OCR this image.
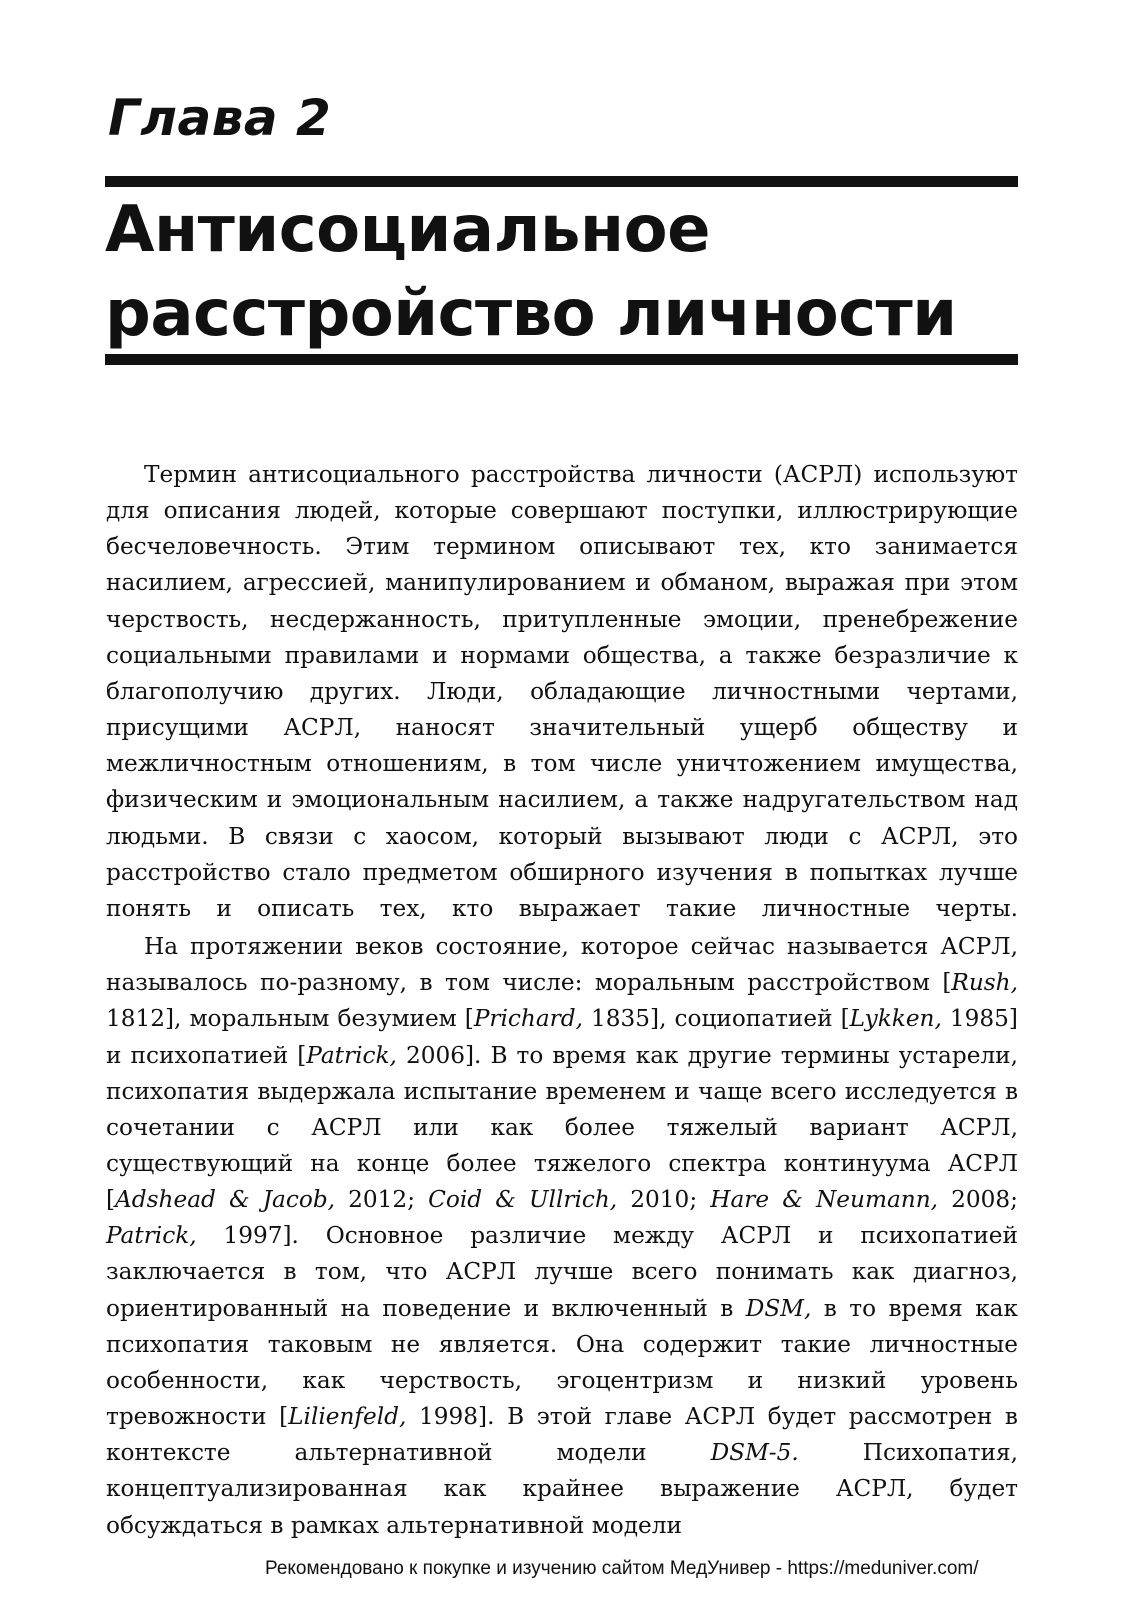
Глава 2
Антисоциальное
расстройство личности

Термин антисоциального расстройства личности (АСРЛ) используют для описания людей, которые совершают поступки, иллюстрирующие бесчеловечность. Этим термином описывают тех, кто занимается насилием, агрессией, манипулированием и обманом, выражая при этом черствость, несдержанность, притупленные эмоции, пренебрежение социальными правилами и нормами общества, а также безразличие к благополучию других. Люди, обладающие личностными чертами, присущими АСРЛ, наносят значительный ущерб обществу и межличностным отношениям, в том числе уничтожением имущества, физическим и эмоциональным насилием, а также надругательством над людьми. В связи с хаосом, который вызывают люди с АСРЛ, это расстройство стало предметом обширного изучения в попытках лучше понять и описать тех, кто выражает такие личностные черты.

На протяжении веков состояние, которое сейчас называется АСРЛ, называлось по-разному, в том числе: моральным расстройством [Rush, 1812], моральным безумием [Prichard, 1835], социопатией [Lykken, 1985] и психопатией [Patrick, 2006]. В то время как другие термины устарели, психопатия выдержала испытание временем и чаще всего исследуется в сочетании с АСРЛ или как более тяжелый вариант АСРЛ, существующий на конце более тяжелого спектра континуума АСРЛ [Adshead & Jacob, 2012; Coid & Ullrich, 2010; Hare & Neumann, 2008; Patrick, 1997]. Основное различие между АСРЛ и психопатией заключается в том, что АСРЛ лучше всего понимать как диагноз, ориентированный на поведение и включенный в DSM, в то время как психопатия таковым не является. Она содержит такие личностные особенности, как черствость, эгоцентризм и низкий уровень тревожности [Lilienfeld, 1998]. В этой главе АСРЛ будет рассмотрен в контексте альтернативной модели DSM-5. Психопатия, концептуализированная как крайнее выражение АСРЛ, будет обсуждаться в рамках альтернативной модели

Рекомендовано к покупке и изучению сайтом МедУнивер - https://meduniver.com/
